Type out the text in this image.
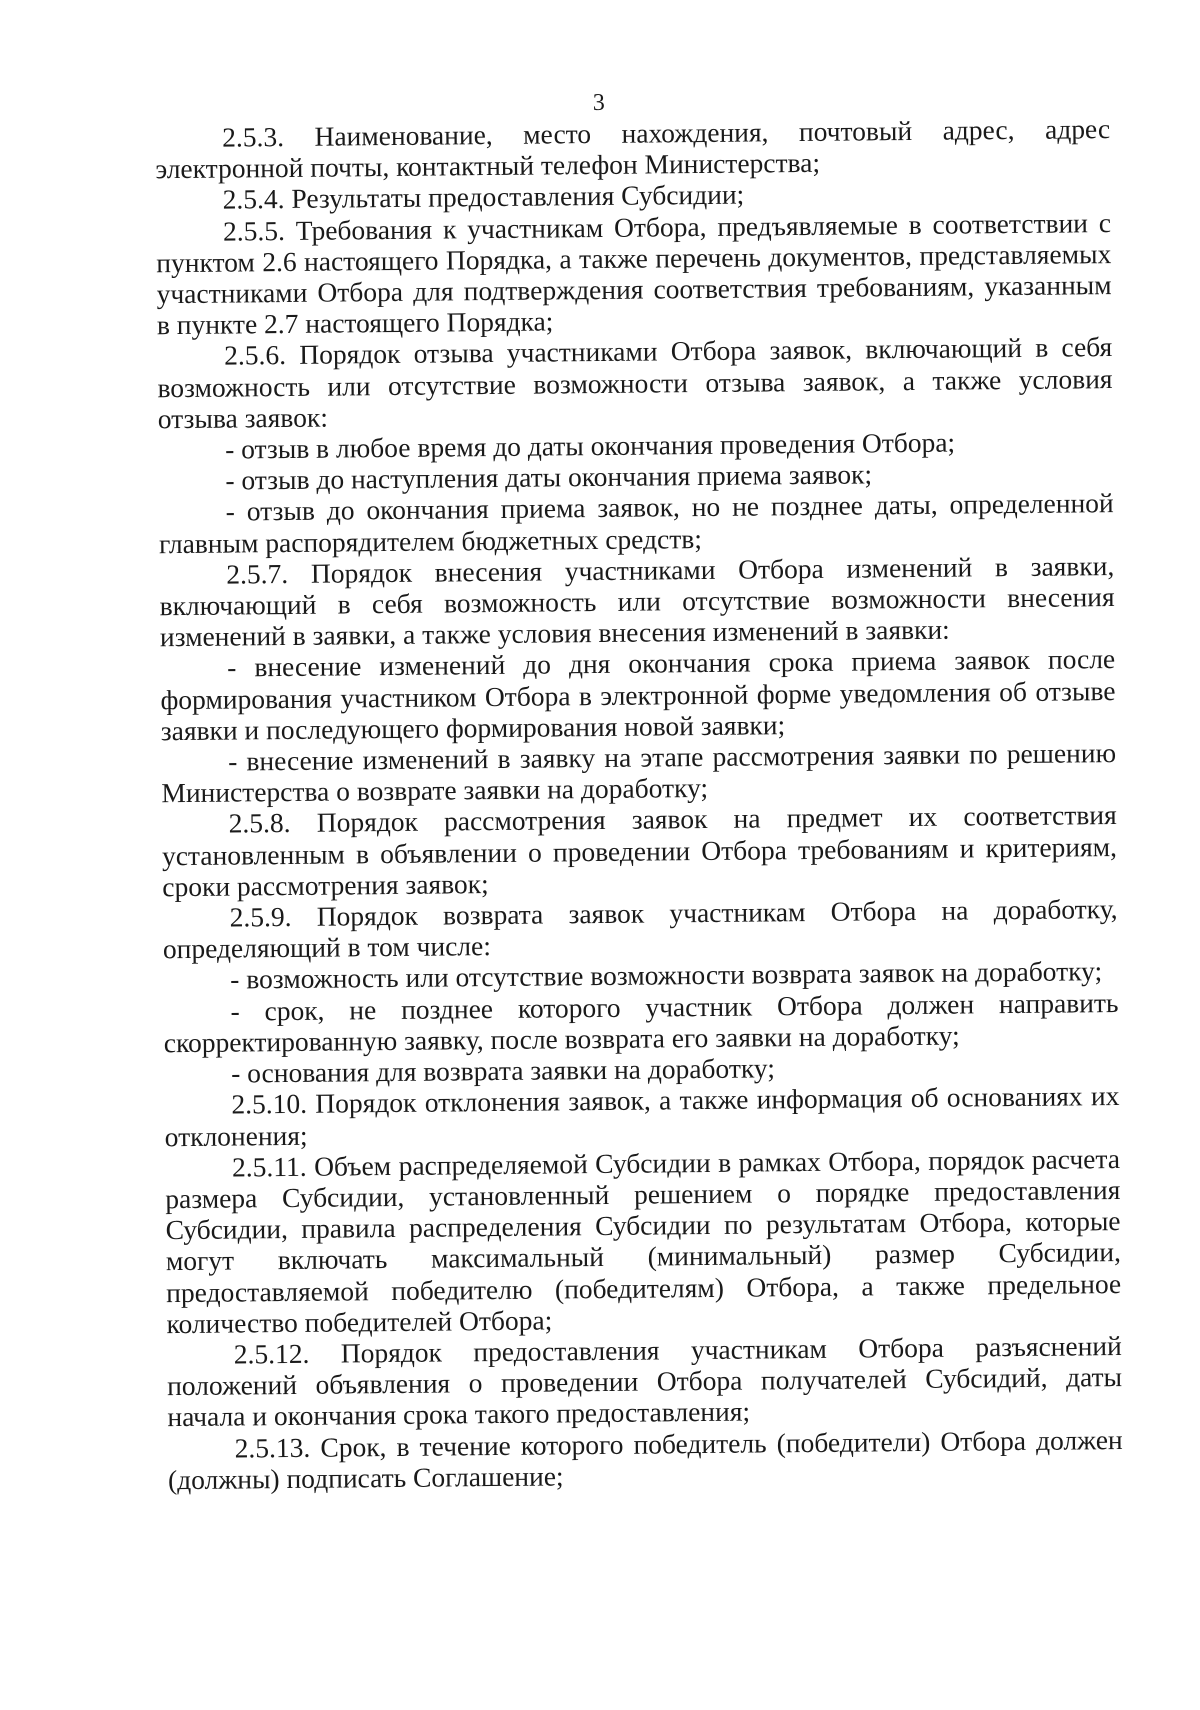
3

2.5.3. Наименование, место нахождения, почтовый адрес, адрес электронной почты, контактный телефон Министерства;

2.5.4. Результаты предоставления Субсидии;

2.5.5. Требования к участникам Отбора, предъявляемые в соответствии с пунктом 2.6 настоящего Порядка, а также перечень документов, представляемых участниками Отбора для подтверждения соответствия требованиям, указанным в пункте 2.7 настоящего Порядка;

2.5.6. Порядок отзыва участниками Отбора заявок, включающий в себя возможность или отсутствие возможности отзыва заявок, а также условия отзыва заявок:

- отзыв в любое время до даты окончания проведения Отбора;

- отзыв до наступления даты окончания приема заявок;

- отзыв до окончания приема заявок, но не позднее даты, определенной главным распорядителем бюджетных средств;

2.5.7. Порядок внесения участниками Отбора изменений в заявки, включающий в себя возможность или отсутствие возможности внесения изменений в заявки, а также условия внесения изменений в заявки:

- внесение изменений до дня окончания срока приема заявок после формирования участником Отбора в электронной форме уведомления об отзыве заявки и последующего формирования новой заявки;

- внесение изменений в заявку на этапе рассмотрения заявки по решению Министерства о возврате заявки на доработку;

2.5.8. Порядок рассмотрения заявок на предмет их соответствия установленным в объявлении о проведении Отбора требованиям и критериям, сроки рассмотрения заявок;

2.5.9. Порядок возврата заявок участникам Отбора на доработку, определяющий в том числе:

- возможность или отсутствие возможности возврата заявок на доработку;

- срок, не позднее которого участник Отбора должен направить скорректированную заявку, после возврата его заявки на доработку;

- основания для возврата заявки на доработку;

2.5.10. Порядок отклонения заявок, а также информация об основаниях их отклонения;

2.5.11. Объем распределяемой Субсидии в рамках Отбора, порядок расчета размера Субсидии, установленный решением о порядке предоставления Субсидии, правила распределения Субсидии по результатам Отбора, которые могут включать максимальный (минимальный) размер Субсидии, предоставляемой победителю (победителям) Отбора, а также предельное количество победителей Отбора;

2.5.12. Порядок предоставления участникам Отбора разъяснений положений объявления о проведении Отбора получателей Субсидий, даты начала и окончания срока такого предоставления;

2.5.13. Срок, в течение которого победитель (победители) Отбора должен (должны) подписать Соглашение;
